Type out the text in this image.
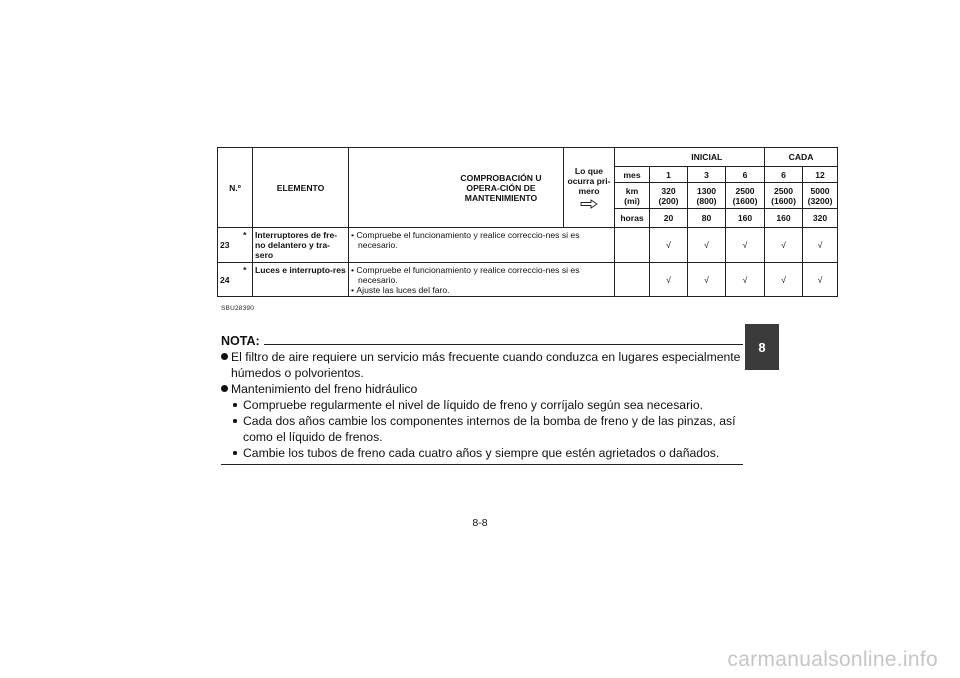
N.º		ELEMENTO	COMPROBACIÓN U OPERA-CIÓN DE MANTENIMIENTO	Lo que ocurra pri-mero		INICIAL			CADA	
					mes	1	3	6	6	12
					km (mi)	320 (200)	1300 (800)	2500 (1600)	2500 (1600)	5000 (3200)
					horas	20	80	160	160	320
23	*	Interruptores de fre-no delantero y tra-sero	• Compruebe el funcionamiento y realice correccio-nes si es necesario.			√	√	√	√	√
24	*	Luces e interrupto-res	• Compruebe el funcionamiento y realice correccio-nes si es necesario.
• Ajuste las luces del faro.			√	√	√	√	√
SBU28390
NOTA:
El filtro de aire requiere un servicio más frecuente cuando conduzca en lugares especialmente húmedos o polvorientos.
Mantenimiento del freno hidráulico
Compruebe regularmente el nivel de líquido de freno y corríjalo según sea necesario.
Cada dos años cambie los componentes internos de la bomba de freno y de las pinzas, así como el líquido de frenos.
Cambie los tubos de freno cada cuatro años y siempre que estén agrietados o dañados.
8
8-8
carmanualsonline.info
